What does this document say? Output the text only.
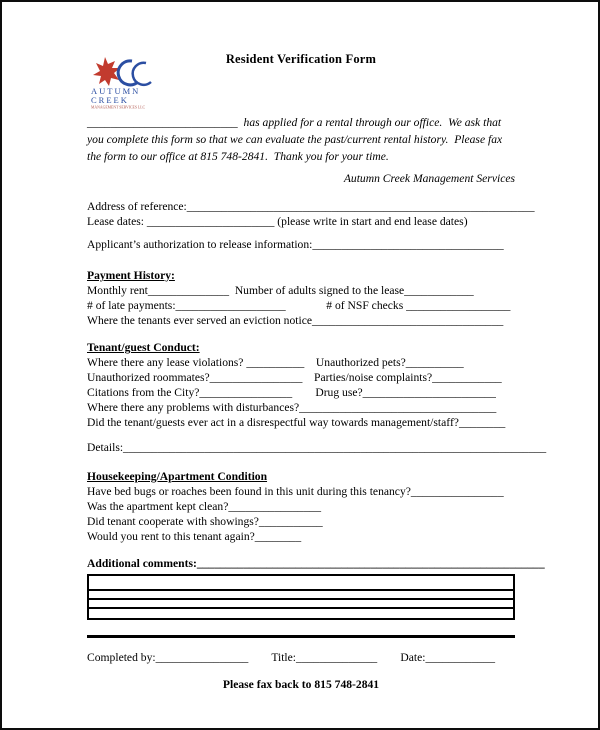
AUTUMN
CREEK
MANAGEMENT SERVICES LLC
Resident Verification Form

__________________________  has applied for a rental through our office.  We ask that you complete this form so that we can evaluate the past/current rental history.  Please fax the form to our office at 815 748-2841.  Thank you for your time.

Autumn Creek Management Services
Address of reference:____________________________________________________________
Lease dates: ______________________ (please write in start and end lease dates)
Applicant’s authorization to release information:_________________________________
Payment History:
Monthly rent______________  Number of adults signed to the lease____________
# of late payments:___________________              # of NSF checks __________________
Where the tenants ever served an eviction notice_________________________________
Tenant/guest Conduct:
Where there any lease violations? __________    Unauthorized pets?__________
Unauthorized roommates?________________    Parties/noise complaints?____________
Citations from the City?________________        Drug use?_______________________
Where there any problems with disturbances?__________________________________
Did the tenant/guests ever act in a disrespectful way towards management/staff?________
Details:_________________________________________________________________________
Housekeeping/Apartment Condition
Have bed bugs or roaches been found in this unit during this tenancy?________________
Was the apartment kept clean?________________
Did tenant cooperate with showings?___________
Would you rent to this tenant again?________
Additional comments:____________________________________________________________
Completed by:________________        Title:______________        Date:____________
Please fax back to 815 748-2841
